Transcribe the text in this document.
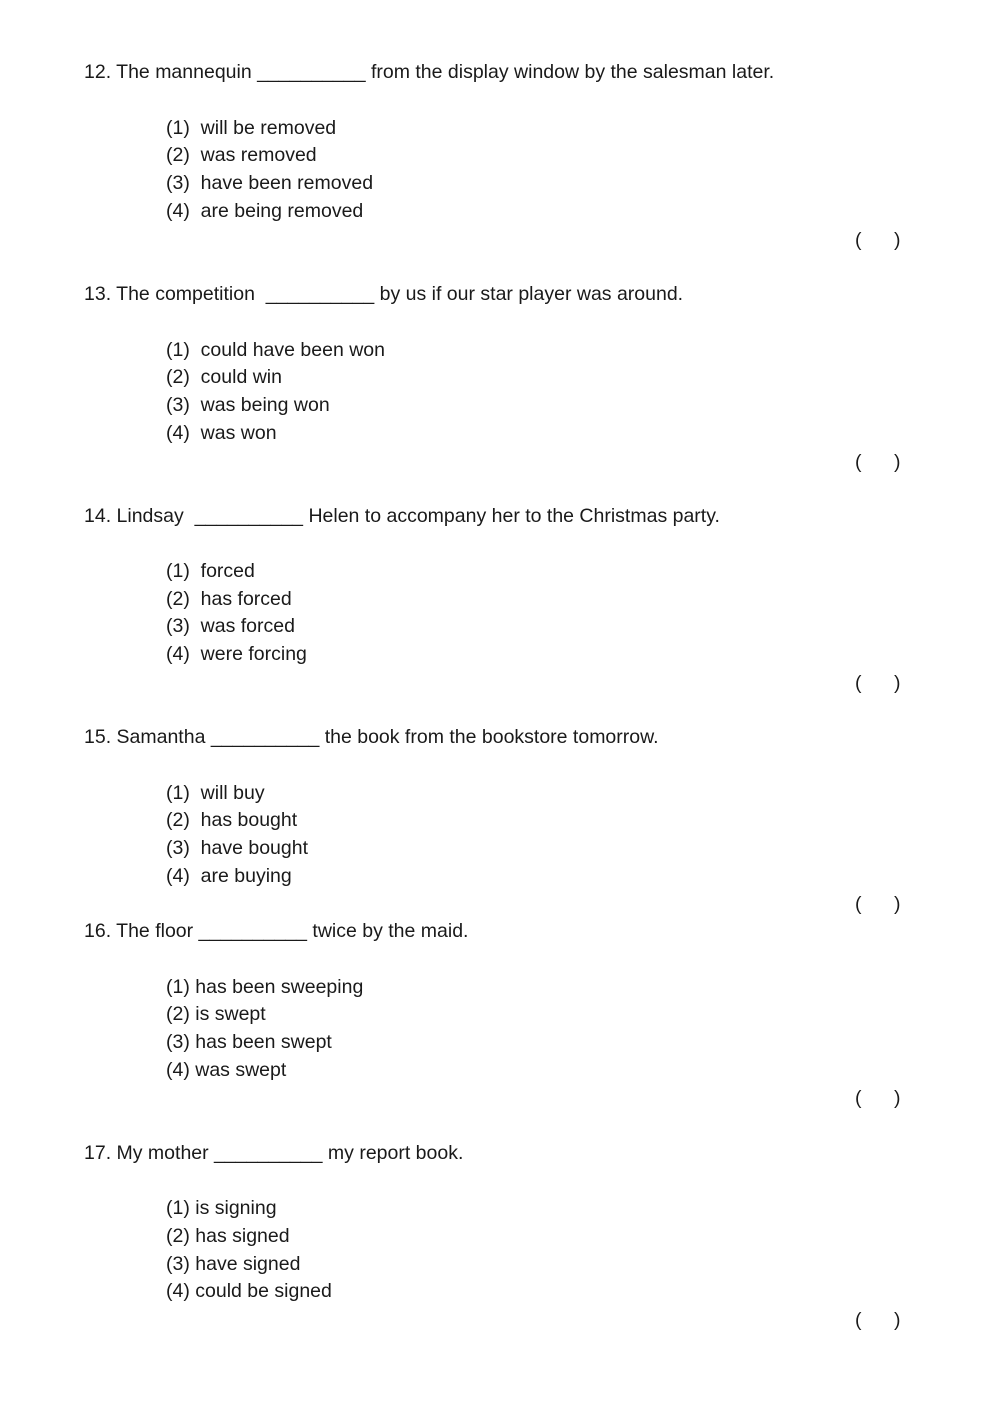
12. The mannequin __________ from the display window by the salesman later.
(1)  will be removed
(2)  was removed
(3)  have been removed
(4)  are being removed
(      )
13. The competition  __________ by us if our star player was around.
(1)  could have been won
(2)  could win
(3)  was being won
(4)  was won
(      )
14. Lindsay  __________ Helen to accompany her to the Christmas party.
(1)  forced
(2)  has forced
(3)  was forced
(4)  were forcing
(      )
15. Samantha __________ the book from the bookstore tomorrow.
(1)  will buy
(2)  has bought
(3)  have bought
(4)  are buying
(      )
16. The floor __________ twice by the maid.
(1) has been sweeping
(2) is swept
(3) has been swept
(4) was swept
(      )
17. My mother __________ my report book.
(1) is signing
(2) has signed
(3) have signed
(4) could be signed
(      )
